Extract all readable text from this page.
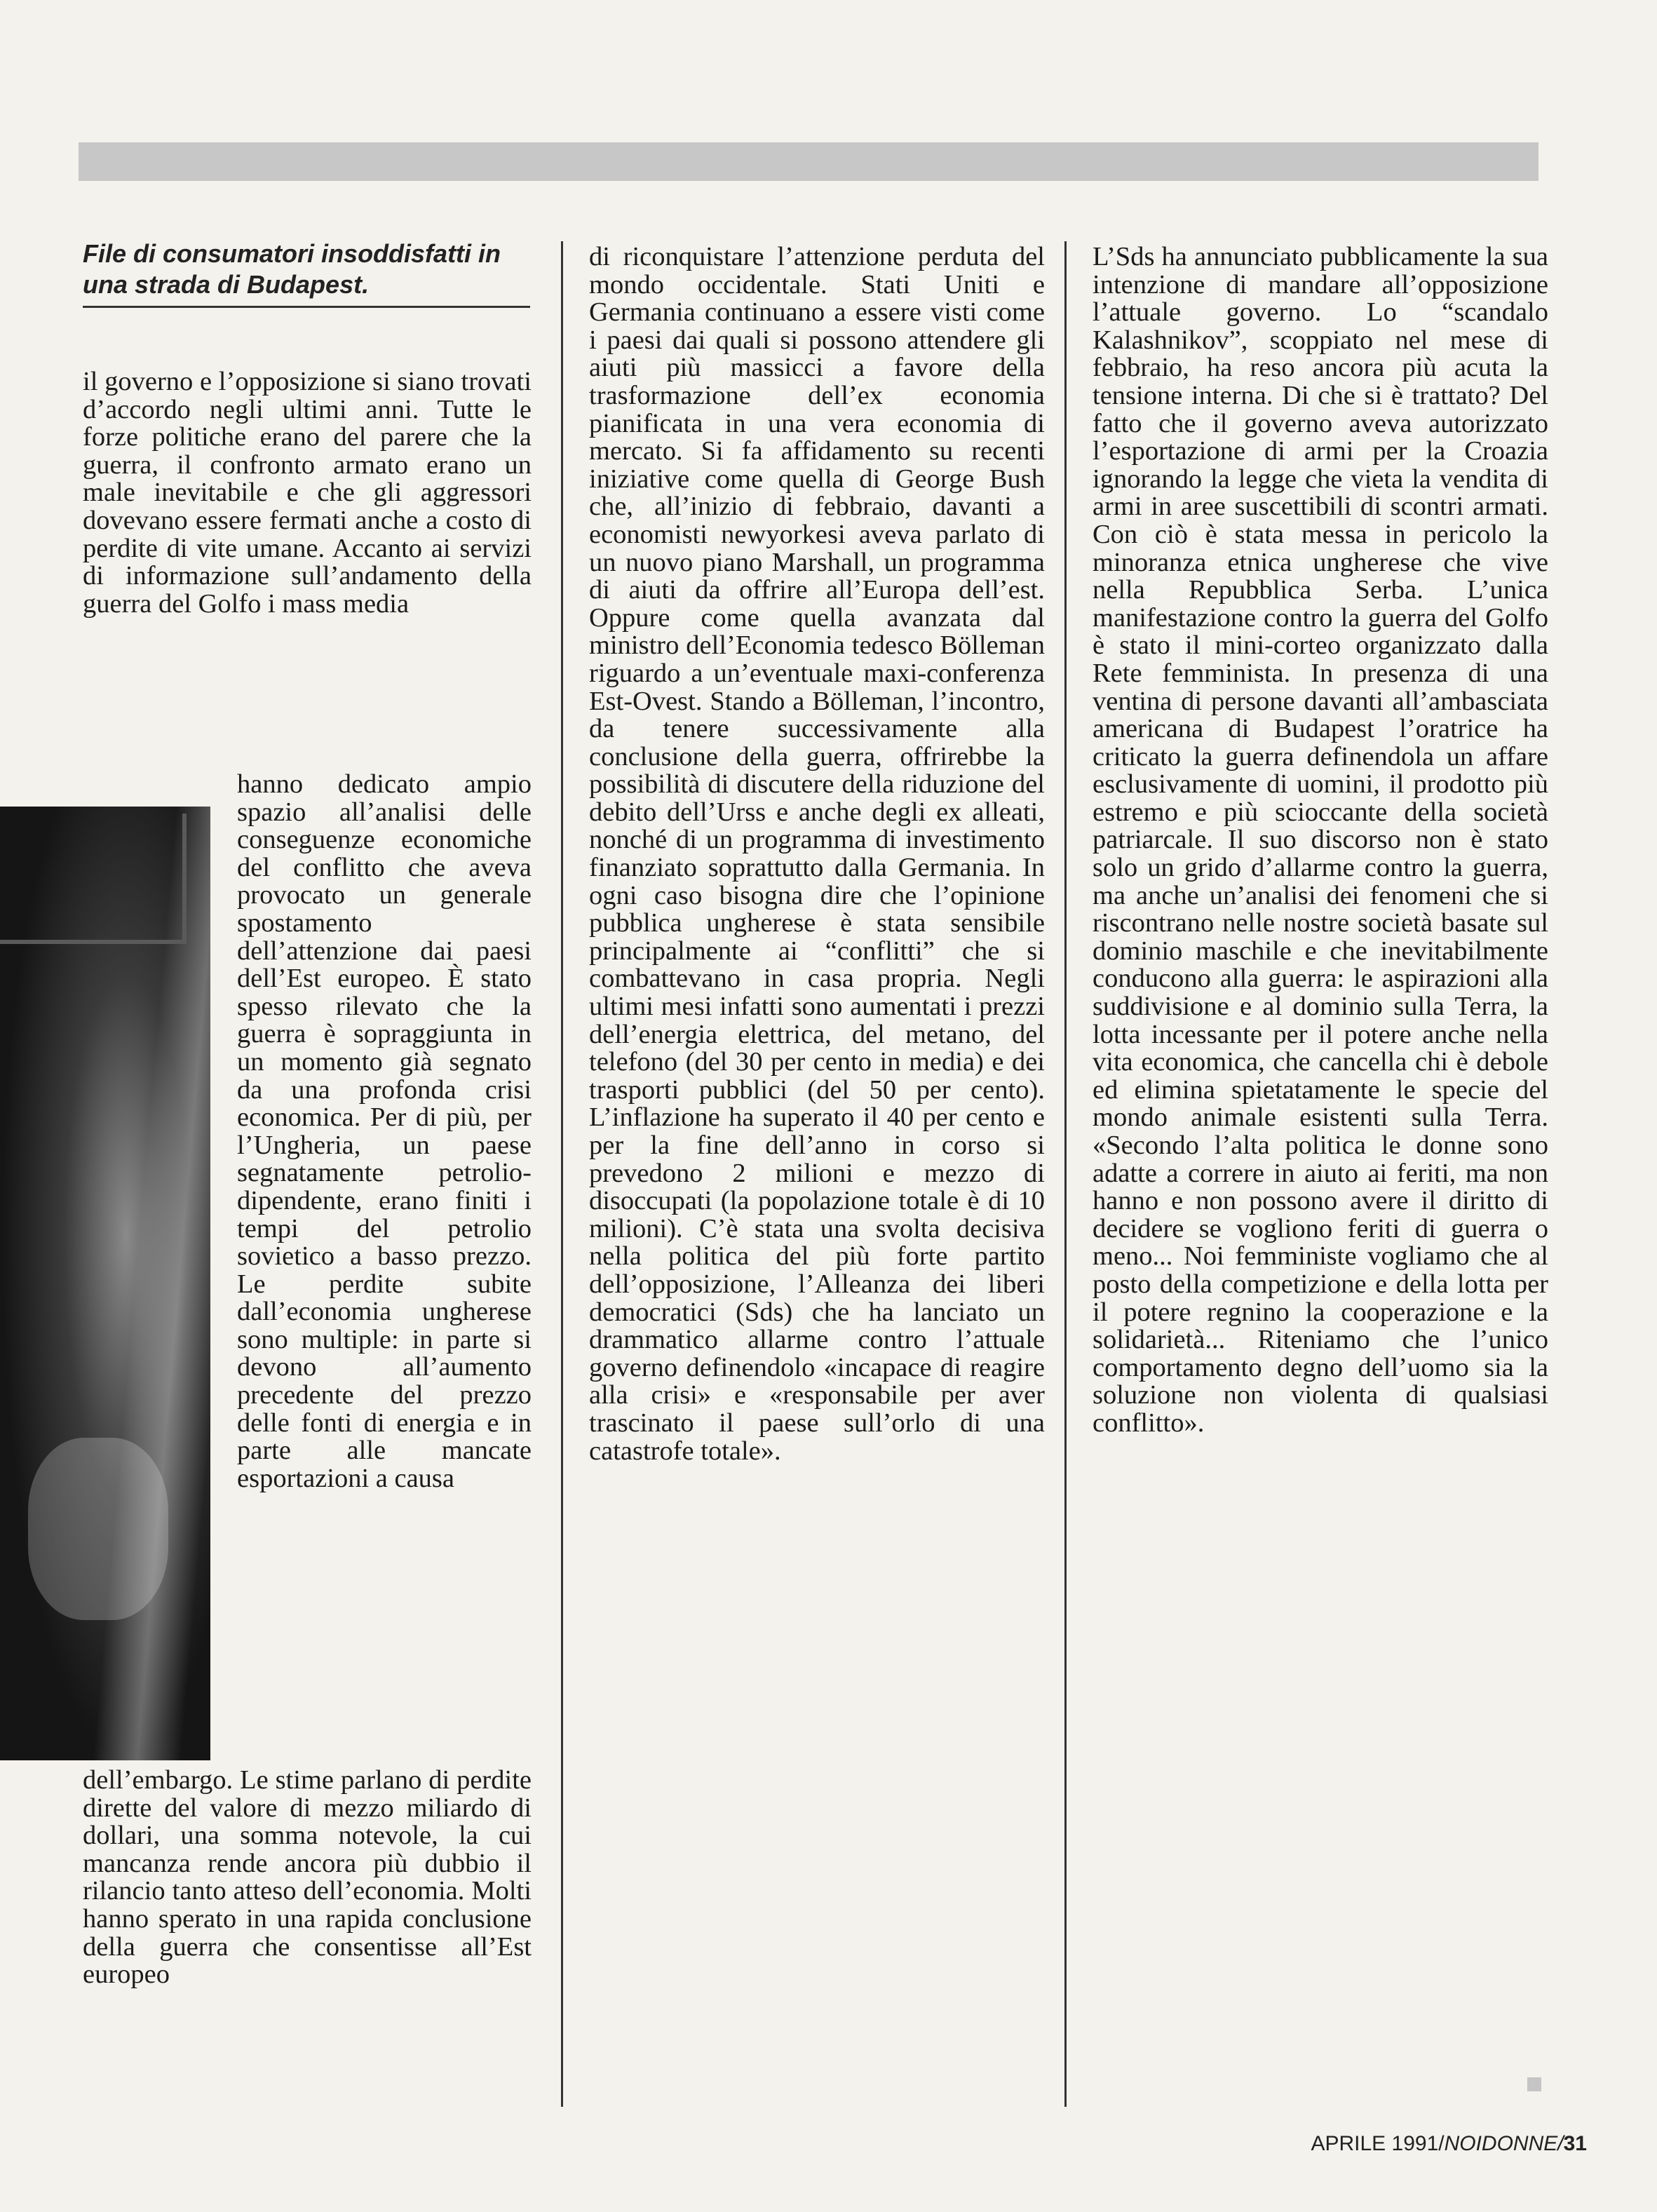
File di consumatori insoddisfatti in una strada di Budapest.

il governo e l’opposizione si siano trovati d’accordo negli ultimi anni. Tutte le forze politiche erano del parere che la guerra, il confronto armato erano un male inevitabile e che gli aggressori dovevano essere fermati anche a costo di perdite di vite umane. Accanto ai servizi di informazione sull’andamento della guerra del Golfo i mass media

hanno dedicato ampio spazio all’analisi delle conseguenze economiche del conflitto che aveva provocato un generale spostamento dell’attenzione dai paesi dell’Est europeo. È stato spesso rilevato che la guerra è sopraggiunta in un momento già segnato da una profonda crisi economica. Per di più, per l’Ungheria, un paese segnatamente petrolio-dipendente, erano finiti i tempi del petrolio sovietico a basso prezzo. Le perdite subite dall’economia ungherese sono multiple: in parte si devono all’aumento precedente del prezzo delle fonti di energia e in parte alle mancate esportazioni a causa

dell’embargo. Le stime parlano di perdite dirette del valore di mezzo miliardo di dollari, una somma notevole, la cui mancanza rende ancora più dubbio il rilancio tanto atteso dell’economia. Molti hanno sperato in una rapida conclusione della guerra che consentisse all’Est europeo

di riconquistare l’attenzione perduta del mondo occidentale. Stati Uniti e Germania continuano a essere visti come i paesi dai quali si possono attendere gli aiuti più massicci a favore della trasformazione dell’ex economia pianificata in una vera economia di mercato. Si fa affidamento su recenti iniziative come quella di George Bush che, all’inizio di febbraio, davanti a economisti newyorkesi aveva parlato di un nuovo piano Marshall, un programma di aiuti da offrire all’Europa dell’est. Oppure come quella avanzata dal ministro dell’Economia tedesco Bölleman riguardo a un’eventuale maxi-conferenza Est-Ovest. Stando a Bölleman, l’incontro, da tenere successivamente alla conclusione della guerra, offrirebbe la possibilità di discutere della riduzione del debito dell’Urss e anche degli ex alleati, nonché di un programma di investimento finanziato soprattutto dalla Germania. In ogni caso bisogna dire che l’opinione pubblica ungherese è stata sensibile principalmente ai “conflitti” che si combattevano in casa propria. Negli ultimi mesi infatti sono aumentati i prezzi dell’energia elettrica, del metano, del telefono (del 30 per cento in media) e dei trasporti pubblici (del 50 per cento). L’inflazione ha superato il 40 per cento e per la fine dell’anno in corso si prevedono 2 milioni e mezzo di disoccupati (la popolazione totale è di 10 milioni). C’è stata una svolta decisiva nella politica del più forte partito dell’opposizione, l’Alleanza dei liberi democratici (Sds) che ha lanciato un drammatico allarme contro l’attuale governo definendolo «incapace di reagire alla crisi» e «responsabile per aver trascinato il paese sull’orlo di una catastrofe totale».

L’Sds ha annunciato pubblicamente la sua intenzione di mandare all’opposizione l’attuale governo. Lo “scandalo Kalashnikov”, scoppiato nel mese di febbraio, ha reso ancora più acuta la tensione interna. Di che si è trattato? Del fatto che il governo aveva autorizzato l’esportazione di armi per la Croazia ignorando la legge che vieta la vendita di armi in aree suscettibili di scontri armati. Con ciò è stata messa in pericolo la minoranza etnica ungherese che vive nella Repubblica Serba. L’unica manifestazione contro la guerra del Golfo è stato il mini-corteo organizzato dalla Rete femminista. In presenza di una ventina di persone davanti all’ambasciata americana di Budapest l’oratrice ha criticato la guerra definendola un affare esclusivamente di uomini, il prodotto più estremo e più scioccante della società patriarcale. Il suo discorso non è stato solo un grido d’allarme contro la guerra, ma anche un’analisi dei fenomeni che si riscontrano nelle nostre società basate sul dominio maschile e che inevitabilmente conducono alla guerra: le aspirazioni alla suddivisione e al dominio sulla Terra, la lotta incessante per il potere anche nella vita economica, che cancella chi è debole ed elimina spietatamente le specie del mondo animale esistenti sulla Terra. «Secondo l’alta politica le donne sono adatte a correre in aiuto ai feriti, ma non hanno e non possono avere il diritto di decidere se vogliono feriti di guerra o meno... Noi femministe vogliamo che al posto della competizione e della lotta per il potere regnino la cooperazione e la solidarietà... Riteniamo che l’unico comportamento degno dell’uomo sia la soluzione non violenta di qualsiasi conflitto».

APRILE 1991/NOIDONNE/31
